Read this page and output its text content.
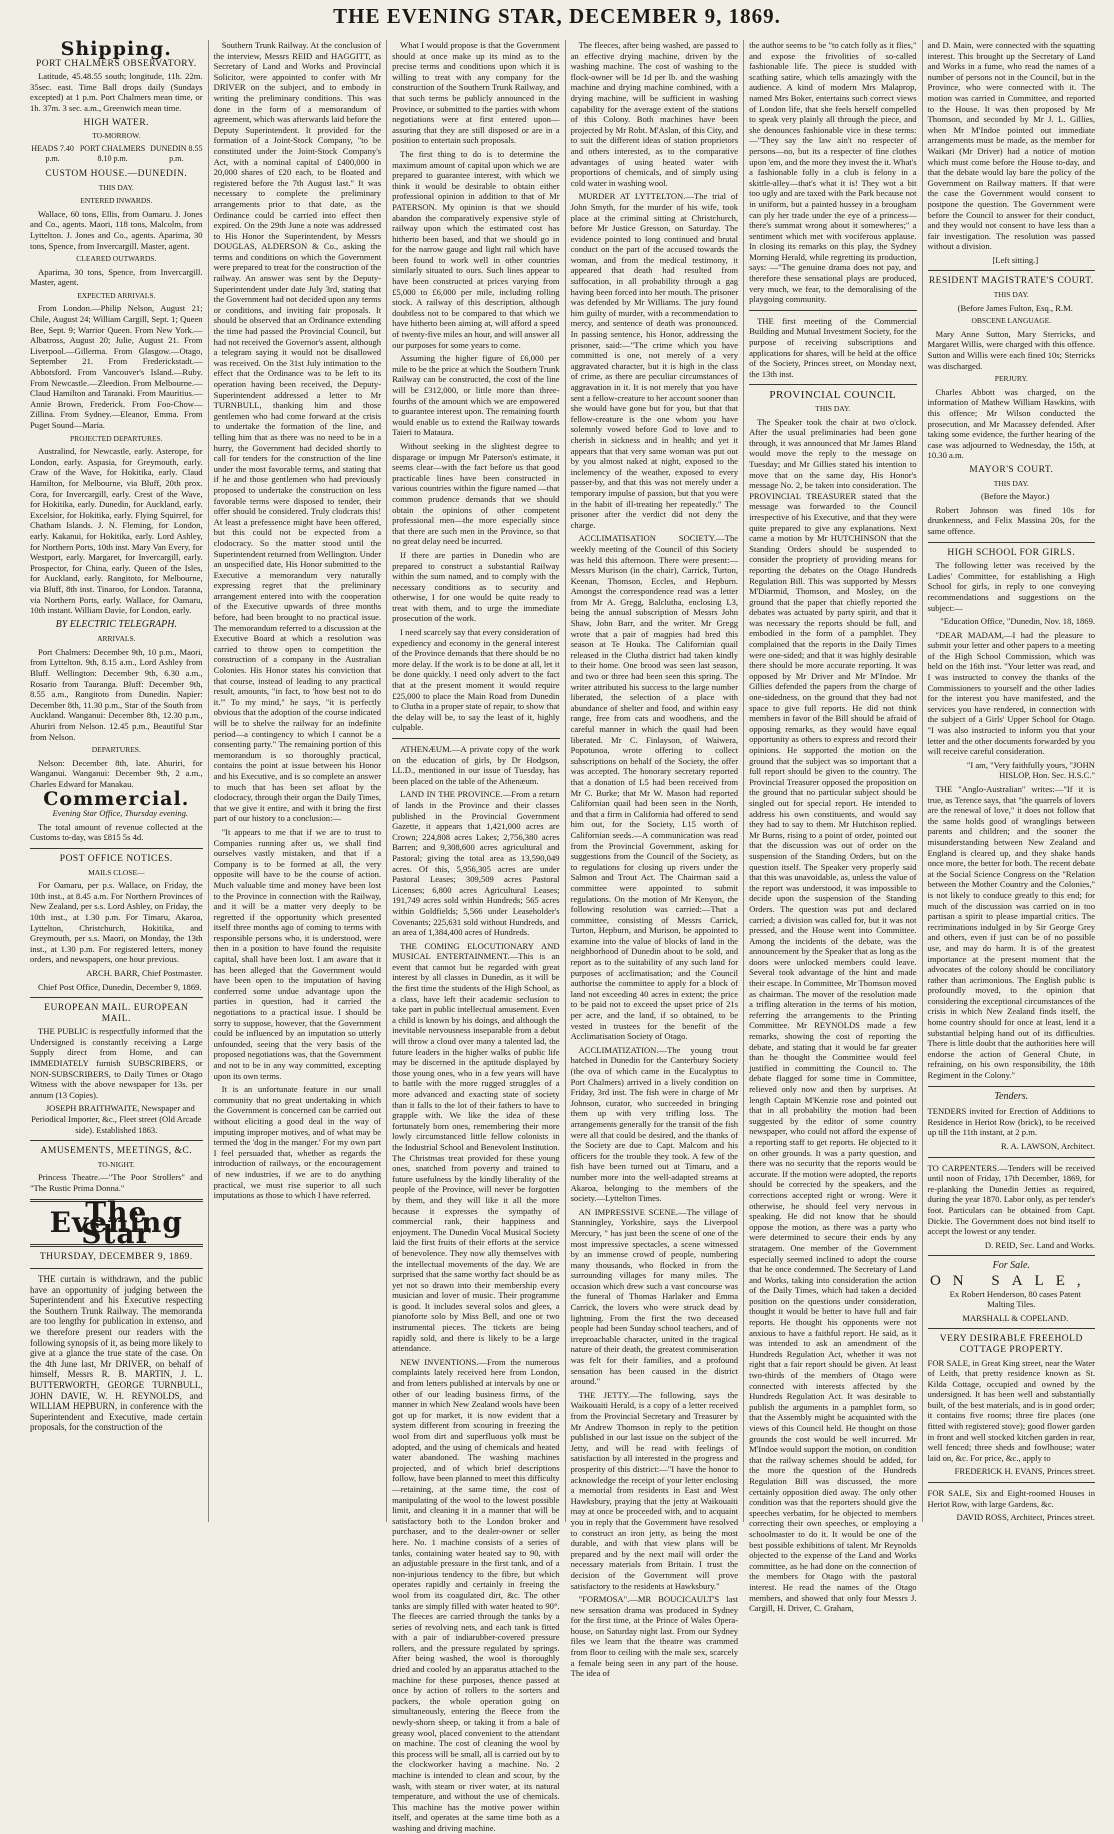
THE EVENING STAR, DECEMBER 9, 1869.
Shipping.
PORT CHALMERS OBSERVATORY.

Latitude, 45.48.55 south; longitude, 11h. 22m. 35sec. east. Time Ball drops daily (Sundays excepted) at 1 p.m. Port Chalmers mean time, or 1h. 37m. 3 sec. a.m., Greenwich mean time.

HIGH WATER.
TO-MORROW.
HEADS 7.40 p.m.
PORT CHALMERS 8.10 p.m.
DUNEDIN 8.55 p.m.
CUSTOM HOUSE.—DUNEDIN.
THIS DAY.
ENTERED INWARDS.

Wallace, 60 tons, Ellis, from Oamaru. J. Jones and Co., agents. Maori, 118 tons, Malcolm, from Lyttelton. J. Jones and Co., agents. Aparima, 30 tons, Spence, from Invercargill. Master, agent.

CLEARED OUTWARDS.

Aparima, 30 tons, Spence, from Invercargill. Master, agent.

EXPECTED ARRIVALS.

From London.—Philip Nelson, August 21; Chile, August 24; William Cargill, Sept. 1; Queen Bee, Sept. 9; Warrior Queen. From New York.—Albatross, August 20; Julie, August 21. From Liverpool.—Gillerma. From Glasgow.—Otago, September 21. From Frederickstadt.—Abbotsford. From Vancouver's Island.—Ruby. From Newcastle.—Zleedion. From Melbourne.—Claud Hamilton and Taranaki. From Mauritius.—Annie Brown, Frederick. From Foo-Chow—Zillina. From Sydney.—Eleanor, Emma. From Puget Sound—Maria.

PROJECTED DEPARTURES.

Australind, for Newcastle, early. Asterope, for London, early. Aspasia, for Greymouth, early. Craw of the Wave, for Hokitika, early. Claud Hamilton, for Melbourne, via Bluff, 20th prox. Cora, for Invercargill, early. Crest of the Wave, for Hokitika, early. Dunedin, for Auckland, early. Excelsior, for Hokitika, early. Flying Squirrel, for Chatham Islands. J. N. Fleming, for London, early. Kakanui, for Hokitika, early. Lord Ashley, for Northern Ports, 10th inst. Mary Van Every, for Westport, early. Margaret, for Invercargill, early. Prospector, for China, early. Queen of the Isles, for Auckland, early. Rangitoto, for Melbourne, via Bluff, 8th inst. Tinaroo, for London. Taranna, via Northern Ports, early. Wallace, for Oamaru, 10th instant. William Davie, for London, early.

BY ELECTRIC TELEGRAPH.
ARRIVALS.

Port Chalmers: December 9th, 10 p.m., Maori, from Lyttelton. 9th, 8.15 a.m., Lord Ashley from Bluff. Wellington: December 9th, 6.30 a.m., Rosario from Tauranga. Bluff: December 9th, 8.55 a.m., Rangitoto from Dunedin. Napier: December 8th, 11.30 p.m., Star of the South from Auckland. Wanganui: December 8th, 12.30 p.m., Ahuriri from Nelson. 12.45 p.m., Beautiful Star from Nelson.

DEPARTURES.

Nelson: December 8th, late. Ahuriri, for Wanganui. Wanganui: December 9th, 2 a.m., Charles Edward for Manakau.

Commercial.

Evening Star Office, Thursday evening.

The total amount of revenue collected at the Customs to-day, was £815 5s 4d.

POST OFFICE NOTICES.
MAILS CLOSE—

For Oamaru, per p.s. Wallace, on Friday, the 10th inst., at 8.45 a.m. For Northern Provinces of New Zealand, per s.s. Lord Ashley, on Friday, the 10th inst., at 1.30 p.m. For Timaru, Akaroa, Lyttelton, Christchurch, Hokitika, and Greymouth, per s.s. Maori, on Monday, the 13th inst., at 1.30 p.m. For registered letters, money orders, and newspapers, one hour previous.

ARCH. BARR, Chief Postmaster.

Chief Post Office, Dunedin, December 9, 1869.

EUROPEAN MAIL. EUROPEAN MAIL.

THE PUBLIC is respectfully informed that the Undersigned is constantly receiving a Large Supply direct from Home, and can IMMEDIATELY furnish SUBSCRIBERS, or NON-SUBSCRIBERS, to Daily Times or Otago Witness with the above newspaper for 13s. per annum (13 Copies).

JOSEPH BRAITHWAITE, Newspaper and Periodical Importer, &c., Fleet street (Old Arcade side). Established 1863.

AMUSEMENTS, MEETINGS, &C.
TO-NIGHT.

Princess Theatre.—"The Poor Strollers" and "The Rustic Prima Donna."

The Evening Star
THURSDAY, DECEMBER 9, 1869.

THE curtain is withdrawn, and the public have an opportunity of judging between the Superintendent and his Executive respecting the Southern Trunk Railway. The memoranda are too lengthy for publication in extenso, and we therefore present our readers with the following synopsis of it, as being more likely to give at a glance the true state of the case. On the 4th June last, Mr DRIVER, on behalf of himself, Messrs R. B. MARTIN, J. L. BUTTERWORTH, GEORGE TURNBULL, JOHN DAVIE, W. H. REYNOLDS, and WILLIAM HEPBURN, in conference with the Superintendent and Executive, made certain proposals, for the construction of the

Southern Trunk Railway. At the conclusion of the interview, Messrs REID and HAGGITT, as Secretary of Land and Works and Provincial Solicitor, were appointed to confer with Mr DRIVER on the subject, and to embody in writing the preliminary conditions. This was done in the form of a memorandum of agreement, which was afterwards laid before the Deputy Superintendent. It provided for the formation of a Joint-Stock Company, "to be constituted under the Joint-Stock Company's Act, with a nominal capital of £400,000 in 20,000 shares of £20 each, to be floated and registered before the 7th August last." It was necessary to complete the preliminary arrangements prior to that date, as the Ordinance could be carried into effect then expired. On the 29th June a note was addressed to His Honor the Superintendent, by Messrs DOUGLAS, ALDERSON & Co., asking the terms and conditions on which the Government were prepared to treat for the construction of the railway. An answer was sent by the Deputy-Superintendent under date July 3rd, stating that the Government had not decided upon any terms or conditions, and inviting fair proposals. It should be observed that an Ordinance extending the time had passed the Provincial Council, but had not received the Governor's assent, although a telegram saying it would not be disallowed was received. On the 31st July intimation to the effect that the Ordinance was to be left to its operation having been received, the Deputy-Superintendent addressed a letter to Mr TURNBULL, thanking him and those gentlemen who had come forward at the crisis to undertake the formation of the line, and telling him that as there was no need to be in a hurry, the Government had decided shortly to call for tenders for the construction of the line under the most favorable terms, and stating that if he and those gentlemen who had previously proposed to undertake the construction on less favorable terms were disposed to tender, their offer should be considered. Truly clodcrats this! At least a prefessence might have been offered, but this could not be expected from a clodocracy. So the matter stood until the Superintendent returned from Wellington. Under an unspecified date, His Honor submitted to the Executive a memorandum very naturally expressing regret that the preliminary arrangement entered into with the cooperation of the Executive upwards of three months before, had been brought to no practical issue. The memorandum referred to a discussion at the Executive Board at which a resolution was carried to throw open to competition the construction of a company in the Australian Colonies. His Honor states his conviction that that course, instead of leading to any practical result, amounts, "in fact, to 'how best not to do it.'" To my mind," he says, "it is perfectly obvious that the adoption of the course indicated will be to shelve the railway for an indefinite period—a contingency to which I cannot be a consenting party." The remaining portion of this memorandum is so thoroughly practical, contains the point at issue between his Honor and his Executive, and is so complete an answer to much that has been set afloat by the clodocracy, through their organ the Daily Times, that we give it entire, and with it bring the first part of our history to a conclusion:—

"It appears to me that if we are to trust to Companies running after us, we shall find ourselves vastly mistaken, and that if a Company is to be formed at all, the very opposite will have to be the course of action. Much valuable time and money have been lost to the Province in connection with the Railway, and it will be a matter very deeply to be regretted if the opportunity which presented itself three months ago of coming to terms with responsible persons who, it is understood, were then in a position to have found the requisite capital, shall have been lost. I am aware that it has been alleged that the Government would have been open to the imputation of having conferred some undue advantage upon the parties in question, had it carried the negotiations to a practical issue. I should be sorry to suppose, however, that the Government could be influenced by an imputation so utterly unfounded, seeing that the very basis of the proposed negotiations was, that the Government and not to be in any way committed, excepting upon its own terms.

It is an unfortunate feature in our small community that no great undertaking in which the Government is concerned can be carried out without eliciting a good deal in the way of imputing improper motives, and of what may be termed the 'dog in the manger.' For my own part I feel persuaded that, whether as regards the introduction of railways, or the encouragement of new industries, if we are to do anything practical, we must rise superior to all such imputations as those to which I have referred.

What I would propose is that the Government should at once make up its mind as to the precise terms and conditions upon which it is willing to treat with any company for the construction of the Southern Trunk Railway, and that such terms be publicly announced in the Province, or submitted to the parties with whom negotiations were at first entered upon—assuring that they are still disposed or are in a position to entertain such proposals.

The first thing to do is to determine the maximum amount of capital upon which we are prepared to guarantee interest, with which we think it would be desirable to obtain either professional opinion in addition to that of Mr PATERSON. My opinion is that we should abandon the comparatively expensive style of railway upon which the estimated cost has hitherto been based, and that we should go in for the narrow gauge and light rail which have been found to work well in other countries similarly situated to ours. Such lines appear to have been constructed at prices varying from £5,000 to £6,000 per mile, including rolling stock. A railway of this description, although doubtless not to be compared to that which we have hitherto been aiming at, will afford a speed of twenty-five miles an hour, and will answer all our purposes for some years to come.

Assuming the higher figure of £6,000 per mile to be the price at which the Southern Trunk Railway can be constructed, the cost of the line will be £312,000, or little more than three-fourths of the amount which we are empowered to guarantee interest upon. The remaining fourth would enable us to extend the Railway towards Taieri to Mataura.

Without seeking in the slightest degree to disparage or impugn Mr Paterson's estimate, it seems clear—with the fact before us that good practicable lines have been constructed in various countries within the figure named —that common prudence demands that we should obtain the opinions of other competent professional men—the more especially since that there are such men in the Province, so that no great delay need be incurred.

If there are parties in Dunedin who are prepared to construct a substantial Railway within the sum named, and to comply with the necessary conditions as to security and otherwise, I for one would be quite ready to treat with them, and to urge the immediate prosecution of the work.

I need scarcely say that every consideration of expediency and economy in the general interest of the Province demands that there should be no more delay. If the work is to be done at all, let it be done quickly. I need only advert to the fact that at the present moment it would require £25,000 to place the Main Road from Dunedin to Clutha in a proper state of repair, to show that the delay will be, to say the least of it, highly culpable.

ATHENÆUM.—A private copy of the work on the education of girls, by Dr Hodgson, LL.D., mentioned in our issue of Tuesday, has been placed on the table of the Athenæum.

LAND IN THE PROVINCE.—From a return of lands in the Province and their classes published in the Provincial Government Gazette, it appears that 1,421,000 acres are Crown; 224,808 acres Lakes; 2,756,380 acres Barren; and 9,308,600 acres agricultural and Pastoral; giving the total area as 13,590,049 acres. Of this, 5,956,305 acres are under Pastoral Leases; 309,509 acres Pastoral Licenses; 6,800 acres Agricultural Leases; 191,749 acres sold within Hundreds; 565 acres within Goldfields; 5,566 under Leaseholder's Covenants; 225,631 sold without Hundreds, and an area of 1,384,400 acres of Hundreds.

THE COMING ELOCUTIONARY AND MUSICAL ENTERTAINMENT.—This is an event that cannot but be regarded with great interest by all classes in Dunedin, as it will be the first time the students of the High School, as a class, have left their academic seclusion to take part in public intellectual amusement. Even a child is known by his doings, and although the inevitable nervousness inseparable from a debut will throw a cloud over many a talented lad, the future leaders in the higher walks of public life may be discerned in the aptitude displayed by those young ones, who in a few years will have to battle with the more rugged struggles of a more advanced and exacting state of society than it falls to the lot of their fathers to have to grapple with. We like the idea of these fortunately born ones, remembering their more lowly circumstanced little fellow colonists in the Industrial School and Benevolent Institution. The Christmas treat provided for these young ones, snatched from poverty and trained to future usefulness by the kindly liberality of the people of the Province, will never be forgotten by them, and they will like it all the more because it expresses the sympathy of commercial rank, their happiness and enjoyment. The Dunedin Vocal Musical Society laid the first fruits of their efforts at the service of benevolence. They now ally themselves with the intellectual movements of the day. We are surprised that the same worthy fact should be as yet not so drawn into their membership every musician and lover of music. Their programme is good. It includes several solos and glees, a pianoforte solo by Miss Bell, and one or two instrumental pieces. The tickets are being rapidly sold, and there is likely to be a large attendance.

NEW INVENTIONS.—From the numerous complaints lately received here from London, and from letters published at intervals by one or other of our leading business firms, of the manner in which New Zealand wools have been got up for market, it is now evident that a system different from scouring in freezing the wool from dirt and superfluous yolk must be adopted, and the using of chemicals and heated water abandoned. The washing machines projected, and of which brief descriptions follow, have been planned to meet this difficulty—retaining, at the same time, the cost of manipulating of the wool to the lowest possible limit, and cleaning it in a manner that will be satisfactory both to the London broker and purchaser, and to the dealer-owner or seller here. No. 1 machine consists of a series of tanks, containing water heated say to 90, with an adjustable pressure in the first tank, and of a non-injurious tendency to the fibre, but which operates rapidly and certainly in freeing the wool from its coagulated dirt, &c. The other tanks are simply filled with water heated to 90°. The fleeces are carried through the tanks by a series of revolving nets, and each tank is fitted with a pair of indiarubber-covered pressure rollers, and the pressure regulated by springs. After being washed, the wool is thoroughly dried and cooled by an apparatus attached to the machine for these purposes, thence passed at once by action of rollers to the sorters and packers, the whole operation going on simultaneously, entering the fleece from the newly-shorn sheep, or taking it from a bale of greasy wool, placed convenient to the attendant on machine. The cost of cleaning the wool by this process will be small, all is carried out by to the clockworker having a machine. No. 2 machine is intended to clean and scour, by the wash, with steam or river water, at its natural temperature, and without the use of chemicals. This machine has the motive power within itself, and operates at the same time both as a washing and driving machine.

The fleeces, after being washed, are passed to an effective drying machine, driven by the washing machine. The cost of washing to the flock-owner will be 1d per lb. and the washing machine and drying machine combined, with a drying machine, will be sufficient in washing capability for the average extent of the stations of this Colony. Both machines have been projected by Mr Robt. M'Aslan, of this City, and to suit the different ideas of station proprietors and others interested, as to the comparative advantages of using heated water with proportions of chemicals, and of simply using cold water in washing wool.

MURDER AT LYTTELTON.—The trial of John Smyth, for the murder of his wife, took place at the criminal sitting at Christchurch, before Mr Justice Gresson, on Saturday. The evidence pointed to long continued and brutal conduct on the part of the accused towards the woman, and from the medical testimony, it appeared that death had resulted from suffocation, in all probability through a gag having been forced into her mouth. The prisoner was defended by Mr Williams. The jury found him guilty of murder, with a recommendation to mercy, and sentence of death was pronounced. In passing sentence, his Honor, addressing the prisoner, said:—"The crime which you have committed is one, not merely of a very aggravated character, but it is high in the class of crime, as there are peculiar circumstances of aggravation in it. It is not merely that you have sent a fellow-creature to her account sooner than she would have gone but for you, but that that fellow-creature is the one whom you have solemnly vowed before God to love and to cherish in sickness and in health; and yet it appears that that very same woman was put out by you almost naked at night, exposed to the inclemency of the weather, exposed to every passer-by, and that this was not merely under a temporary impulse of passion, but that you were in the habit of ill-treating her repeatedly." The prisoner after the verdict did not deny the charge.

ACCLIMATISATION SOCIETY.—The weekly meeting of the Council of this Society was held this afternoon. There were present:—Messrs Murison (in the chair), Carrick, Turton, Keenan, Thomson, Eccles, and Hepburn. Amongst the correspondence read was a letter from Mr A. Gregg, Balclutha, enclosing L3, being the annual subscription of Messrs John Shaw, John Barr, and the writer. Mr Gregg wrote that a pair of magpies had bred this season at Te Houka. The Californian quail released in the Clutha district had taken kindly to their home. One brood was seen last season, and two or three had been seen this spring. The writer attributed his success to the large number liberated, the selection of a place with abundance of shelter and food, and within easy range, free from cats and woodhens, and the careful manner in which the quail had been liberated. Mr C. Finlayson, of Waiwera, Popotunoa, wrote offering to collect subscriptions on behalf of the Society, the offer was accepted. The honorary secretary reported that a donation of L5 had been received from Mr C. Burke; that Mr W. Mason had reported Californian quail had been seen in the North, and that a firm in California had offered to send him out, for the Society, L15 worth of Californian seeds.—A communication was read from the Provincial Government, asking for suggestions from the Council of the Society, as to regulations for closing up rivers under the Salmon and Trout Act. The Chairman said a committee were appointed to submit regulations. On the motion of Mr Kenyon, the following resolution was carried:—That a committee, consisting of Messrs Carrick, Turton, Hepburn, and Murison, be appointed to examine into the value of blocks of land in the neighborhood of Dunedin about to be sold, and report as to the suitability of any such land for purposes of acclimatisation; and the Council authorise the committee to apply for a block of land not exceeding 40 acres in extent; the price to be paid not to exceed the upset price of 21s per acre, and the land, if so obtained, to be vested in trustees for the benefit of the Acclimatisation Society of Otago.

ACCLIMATIZATION.—The young trout hatched in Dunedin for the Canterbury Society (the ova of which came in the Eucalyptus to Port Chalmers) arrived in a lively condition on Friday, 3rd inst. The fish were in charge of Mr Johnson, curator, who succeeded in bringing them up with very trifling loss. The arrangements generally for the transit of the fish were all that could be desired, and the thanks of the Society are due to Capt. Malcom and his officers for the trouble they took. A few of the fish have been turned out at Timaru, and a number more into the well-adapted streams at Akaroa, belonging to the members of the society.—Lyttelton Times.

AN IMPRESSIVE SCENE.—The village of Stanningley, Yorkshire, says the Liverpool Mercury, " has just been the scene of one of the most impressive spectacles, a scene witnessed by an immense crowd of people, numbering many thousands, who flocked in from the surrounding villages for many miles. The occasion which drew such a vast concourse was the funeral of Thomas Harlaker and Emma Carrick, the lovers who were struck dead by lightning. From the first the two deceased people had been Sunday school teachers, and of irreproachable character, united in the tragical nature of their death, the greatest commiseration was felt for their families, and a profound sensation has been caused in the district around."

THE JETTY.—The following, says the Waikouaiti Herald, is a copy of a letter received from the Provincial Secretary and Treasurer by Mr Andrew Thomson in reply to the petition published in our last issue on the subject of the Jetty, and will be read with feelings of satisfaction by all interested in the progress and prosperity of this district:—"I have the honor to acknowledge the receipt of your letter enclosing a memorial from residents in East and West Hawksbury, praying that the jetty at Waikouaiti may at once be proceeded with, and to acquaint you in reply that the Government have resolved to construct an iron jetty, as being the most durable, and with that view plans will be prepared and by the next mail will order the necessary materials from Britain. I trust the decision of the Government will prove satisfactory to the residents at Hawksbury."

"FORMOSA".—MR BOUCICAULT'S last new sensation drama was produced in Sydney for the first time, at the Prince of Wales Opera-house, on Saturday night last. From our Sydney files we learn that the theatre was crammed from floor to ceiling with the male sex, scarcely a female being seen in any part of the house. The idea of

the author seems to be "to catch folly as it flies," and expose the frivolities of so-called fashionable life. The piece is studded with scathing satire, which tells amazingly with the audience. A kind of modern Mrs Malaprop, named Mrs Boker, entertains such correct views of London life, that she feels herself compelled to speak very plainly all through the piece, and she denounces fashionable vice in these terms:—"They say the law ain't no respecter of persons—no, but its a respecter of fine clothes upon 'em, and the more they invest the it. What's a fashionable folly in a club is felony in a skittle-alley—that's what it is! They wot a bit too ugly and are taxed with the Park because not in uniform, but a painted hussey in a brougham can ply her trade under the eye of a princess—there's summat wrong about it somewheres;" a sentiment which met with vociferous applause. In closing its remarks on this play, the Sydney Morning Herald, while regretting its production, says: —"The genuine drama does not pay, and therefore these sensational plays are produced, very much, we fear, to the demoralising of the playgoing community.

THE first meeting of the Commercial Building and Mutual Investment Society, for the purpose of receiving subscriptions and applications for shares, will be held at the office of the Society, Princes street, on Monday next, the 13th inst.

PROVINCIAL COUNCIL
THIS DAY.

The Speaker took the chair at two o'clock. After the usual preliminaries had been gone through, it was announced that Mr James Bland would move the reply to the message on Tuesday; and Mr Gillies stated his intention to move that on the same day, His Honor's message No. 2, be taken into consideration. The PROVINCIAL TREASURER stated that the message was forwarded to the Council irrespective of his Executive, and that they were quite prepared to give any explanations. Next came a motion by Mr HUTCHINSON that the Standing Orders should be suspended to consider the propriety of providing means for reporting the debates on the Otago Hundreds Regulation Bill. This was supported by Messrs M'Diarmid, Thomson, and Mosley, on the ground that the paper that chiefly reported the debates was actuated by party spirit, and that it was necessary the reports should be full, and embodied in the form of a pamphlet. They complained that the reports in the Daily Times were one-sided; and that it was highly desirable there should be more accurate reporting. It was opposed by Mr Driver and Mr M'Indoe. Mr Gillies defended the papers from the charge of one-sidedness, on the ground that they had not space to give full reports. He did not think members in favor of the Bill should be afraid of opposing remarks, as they would have equal opportunity as others to express and record their opinions. He supported the motion on the ground that the subject was so important that a full report should be given to the country. The Provincial Treasurer opposed the proposition on the ground that no particular subject should be singled out for special report. He intended to address his own constituents, and would say they had to say to them. Mr Hutchison replied. Mr Burns, rising to a point of order, pointed out that the discussion was out of order on the suspension of the Standing Orders, but on the question itself. The Speaker very properly said that this was unavoidable, as, unless the value of the report was understood, it was impossible to decide upon the suspension of the Standing Orders. The question was put and declared carried; a division was called for, but it was not pressed, and the House went into Committee. Among the incidents of the debate, was the announcement by the Speaker that as long as the doors were unlocked members could leave. Several took advantage of the hint and made their escape. In Committee, Mr Thomson moved as chairman. The mover of the resolution made a trifling alteration in the terms of his motion, referring the arrangements to the Printing Committee. Mr REYNOLDS made a few remarks, showing the cost of reporting the debate, and stating that it would be far greater than he thought the Committee would feel justified in committing the Council to. The debate flagged for some time in Committee, relieved only now and then by surprises. At length Captain M'Kenzie rose and pointed out that in all probability the motion had been suggested by the editor of some country newspaper, who could not afford the expense of a reporting staff to get reports. He objected to it on other grounds. It was a party question, and there was no security that the reports would be accurate. If the motion were adopted, the reports should be corrected by the speakers, and the corrections accepted right or wrong. Were it otherwise, he should feel very nervous in speaking. He did not know that he should oppose the motion, as there was a party who were determined to secure their ends by any stratagem. One member of the Government especially seemed inclined to adopt the course that he once condemned. The Secretary of Land and Works, taking into consideration the action of the Daily Times, which had taken a decided position on the questions under consideration, thought it would be better to have full and fair reports. He thought his opponents were not anxious to have a faithful report. He said, as it was intended to ask an amendment of the Hundreds Regulation Act, whether it was not right that a fair report should be given. At least two-thirds of the members of Otago were connected with interests affected by the Hundreds Regulation Act. It was desirable to publish the arguments in a pamphlet form, so that the Assembly might be acquainted with the views of this Council held. He thought on those grounds the cost would be well incurred. Mr M'Indoe would support the motion, on condition that the railway schemes should be added, for the more the question of the Hundreds Regulation Bill was discussed, the more certainly opposition died away. The only other condition was that the reporters should give the speeches verbatim, for he objected to members correcting their own speeches, or employing a schoolmaster to do it. It would be one of the best possible exhibitions of talent. Mr Reynolds objected to the expense of the Land and Works committee, as he had done on the connection of the members for Otago with the pastoral interest. He read the names of the Otago members, and showed that only four Messrs J. Cargill, H. Driver, C. Graham,

and D. Main, were connected with the squatting interest. This brought up the Secretary of Land and Works in a fume, who read the names of a number of persons not in the Council, but in the Province, who were connected with it. The motion was carried in Committee, and reported to the House. It was then proposed by Mr Thomson, and seconded by Mr J. L. Gillies, when Mr M'Indoe pointed out immediate arrangements must be made, as the member for Waikari (Mr Driver) had a notice of motion which must come before the House to-day, and that the debate would lay bare the policy of the Government on Railway matters. If that were the case the Government would consent to postpone the question. The Government were before the Council to answer for their conduct, and they would not consent to have less than a fair investigation. The resolution was passed without a division.

[Left sitting.]

RESIDENT MAGISTRATE'S COURT.
THIS DAY.

(Before James Fulton, Esq., R.M.

OBSCENE LANGUAGE.

Mary Anne Sutton, Mary Sterricks, and Margaret Willis, were charged with this offence. Sutton and Willis were each fined 10s; Sterricks was discharged.

PERJURY.

Charles Abbott was charged, on the information of Mathew William Hawkins, with this offence; Mr Wilson conducted the prosecution, and Mr Macassey defended. After taking some evidence, the further hearing of the case was adjourned to Wednesday, the 15th, at 10.30 a.m.

MAYOR'S COURT.
THIS DAY.

(Before the Mayor.)

Robert Johnson was fined 10s for drunkenness, and Felix Massina 20s, for the same offence.

HIGH SCHOOL FOR GIRLS.

The following letter was received by the Ladies' Committee, for establishing a High School for girls, in reply to one conveying recommendations and suggestions on the subject:—

"Education Office, "Dunedin, Nov. 18, 1869.

"DEAR MADAM,—I had the pleasure to submit your letter and other papers to a meeting of the High School Commission, which was held on the 16th inst. "Your letter was read, and I was instructed to convey the thanks of the Commissioners to yourself and the other ladies for the interest you have manifested, and the services you have rendered, in connection with the subject of a Girls' Upper School for Otago. "I was also instructed to inform you that your letter and the other documents forwarded by you will receive careful consideration.

"I am, "Very faithfully yours, "JOHN HISLOP, Hon. Sec. H.S.C."

THE "Anglo-Australian" writes:—"If it is true, as Terence says, that "the quarrels of lovers are the renewal of love," it does not follow that the same holds good of wranglings between parents and children; and the sooner the misunderstanding between New Zealand and England is cleared up, and they shake hands once more, the better for both. The recent debate at the Social Science Congress on the "Relation between the Mother Country and the Colonies," is not likely to conduce greatly to this end; for much of the discussion was carried on in too partisan a spirit to please impartial critics. The recriminations indulged in by Sir George Grey and others, even if just can be of no possible use, and may do harm. It is of the greatest importance at the present moment that the advocates of the colony should be conciliatory rather than acrimonious. The English public is profoundly moved, to the opinion that considering the exceptional circumstances of the crisis in which New Zealand finds itself, the home country should for once at least, lend it a substantial helping hand out of its difficulties. There is little doubt that the authorities here will endorse the action of General Chute, in refraining, on his own responsibility, the 18th Regiment in the Colony."

Tenders.

TENDERS invited for Erection of Additions to Residence in Heriot Row (brick), to be received up till the 11th instant, at 2 p.m.

R. A. LAWSON, Architect.

TO CARPENTERS.—Tenders will be received until noon of Friday, 17th December, 1869, for re-planking the Dunedin Jetties as required, during the year 1870. Labor only, as per tender's foot. Particulars can be obtained from Capt. Dickie. The Government does not bind itself to accept the lowest or any tender.

D. REID, Sec. Land and Works.

For Sale.
ON SALE,

Ex Robert Henderson, 80 cases Patent Malting Tiles.

MARSHALL & COPELAND.

VERY DESIRABLE FREEHOLD COTTAGE PROPERTY.

FOR SALE, in Great King street, near the Water of Leith, that pretty residence known as St. Kilda Cottage, occupied and owned by the undersigned. It has been well and substantially built, of the best materials, and is in good order; it contains five rooms; three fire places (one fitted with registered stove); good flower garden in front and well stocked kitchen garden in rear, well fenced; three sheds and fowlhouse; water laid on, &c. For price, &c., apply to

FREDERICK H. EVANS, Princes street.

FOR SALE, Six and Eight-roomed Houses in Heriot Row, with large Gardens, &c.

DAVID ROSS, Architect, Princes street.
